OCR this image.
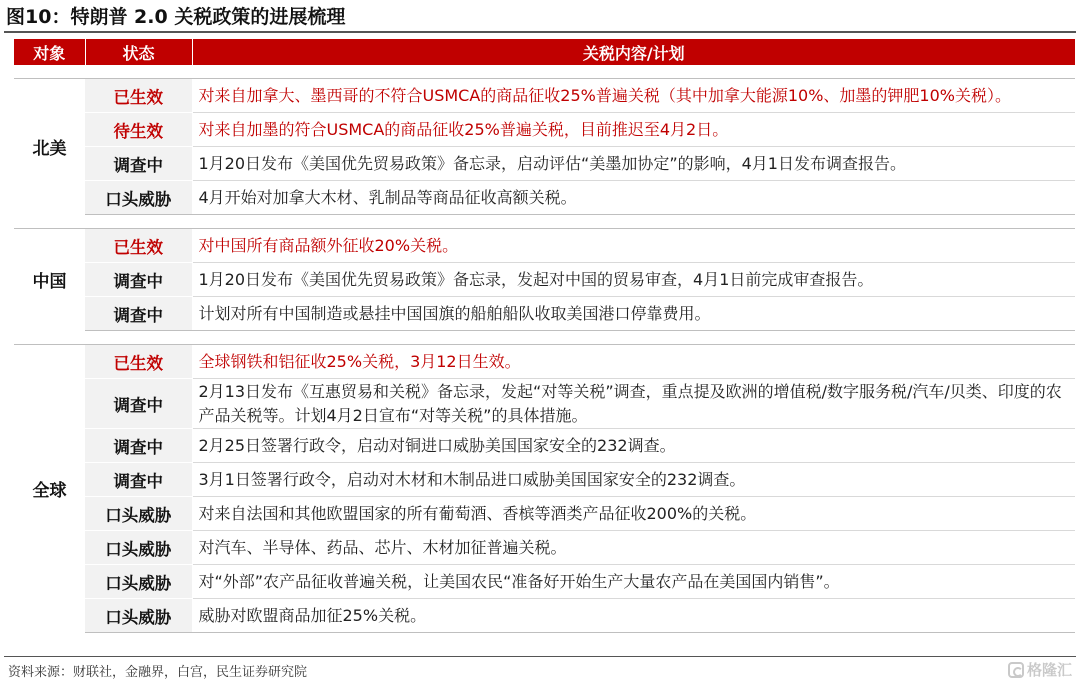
图10：特朗普 2.0 关税政策的进展梳理
对象	状态	关税内容/计划

北美	已生效	对来自加拿大、墨西哥的不符合USMCA的商品征收25%普遍关税（其中加拿大能源10%、加墨的钾肥10%关税）。
	待生效	对来自加墨的符合USMCA的商品征收25%普遍关税，目前推迟至4月2日。
	调查中	1月20日发布《美国优先贸易政策》备忘录，启动评估“美墨加协定”的影响，4月1日发布调查报告。
	口头威胁	4月开始对加拿大木材、乳制品等商品征收高额关税。

中国	已生效	对中国所有商品额外征收20%关税。
	调查中	1月20日发布《美国优先贸易政策》备忘录，发起对中国的贸易审查，4月1日前完成审查报告。
	调查中	计划对所有中国制造或悬挂中国国旗的船舶船队收取美国港口停靠费用。

全球	已生效	全球钢铁和铝征收25%关税，3月12日生效。
	调查中	2月13日发布《互惠贸易和关税》备忘录，发起“对等关税”调查，重点提及欧洲的增值税/数字服务税/汽车/贝类、印度的农产品关税等。计划4月2日宣布“对等关税”的具体措施。
	调查中	2月25日签署行政令，启动对铜进口威胁美国国家安全的232调查。
	调查中	3月1日签署行政令，启动对木材和木制品进口威胁美国国家安全的232调查。
	口头威胁	对来自法国和其他欧盟国家的所有葡萄酒、香槟等酒类产品征收200%的关税。
	口头威胁	对汽车、半导体、药品、芯片、木材加征普遍关税。
	口头威胁	对“外部”农产品征收普遍关税，让美国农民“准备好开始生产大量农产品在美国国内销售”。
	口头威胁	威胁对欧盟商品加征25%关税。
资料来源：财联社，金融界，白宫，民生证券研究院	格隆汇
